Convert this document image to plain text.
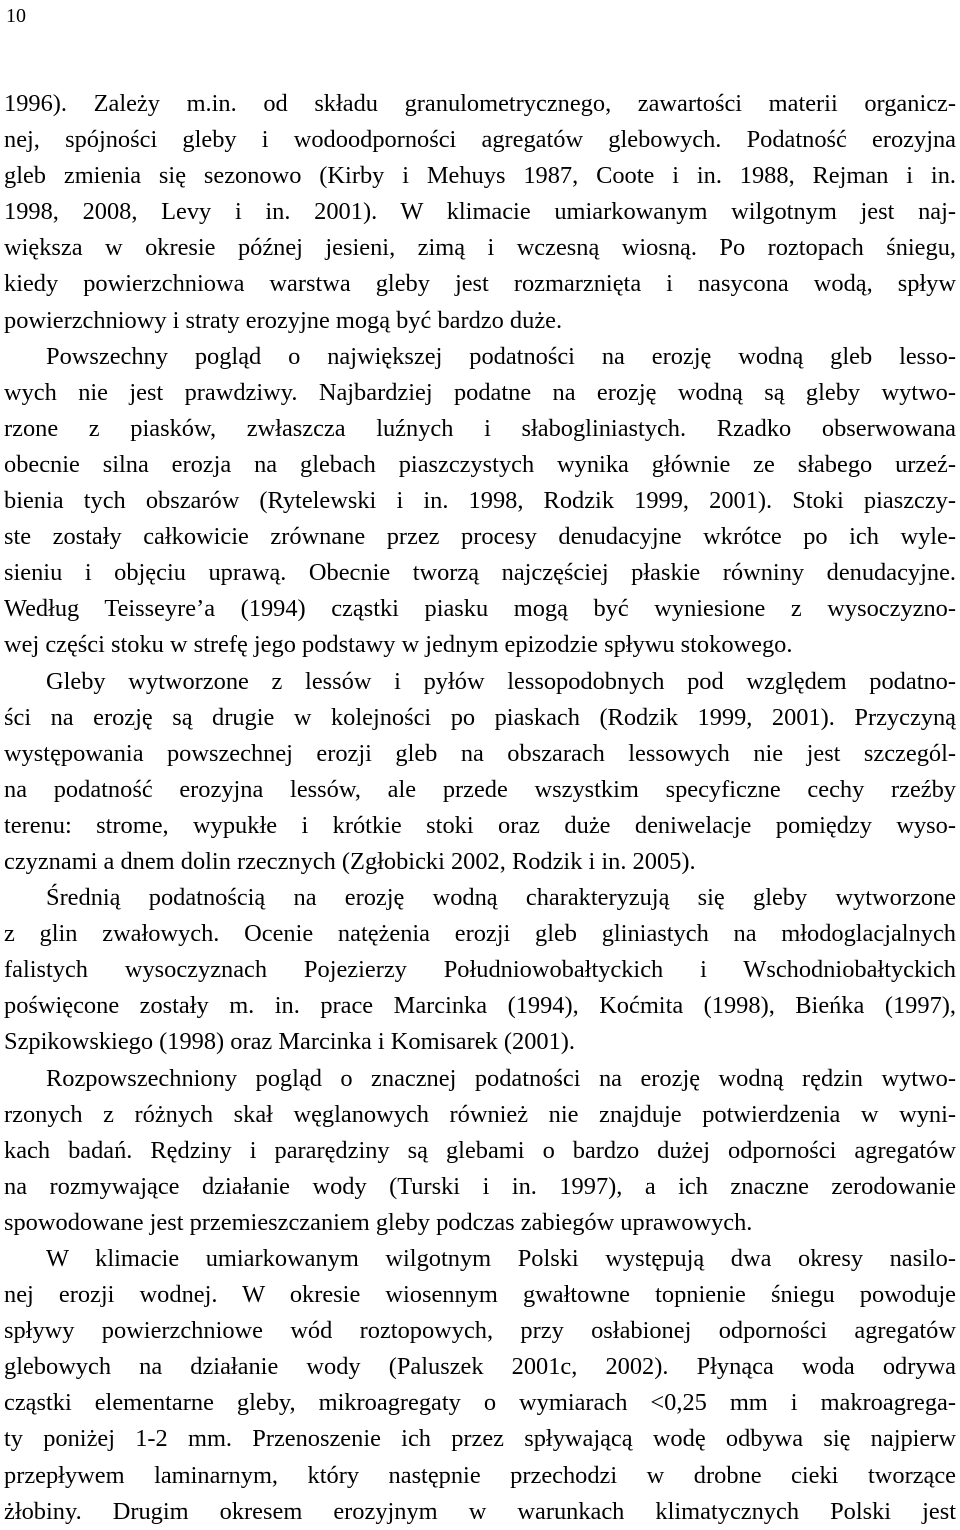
10
1996). Zależy m.in. od składu granulometrycznego, zawartości materii organicz-
nej, spójności gleby i wodoodporności agregatów glebowych. Podatność erozyjna
gleb zmienia się sezonowo (Kirby i Mehuys 1987, Coote i in. 1988, Rejman i in.
1998, 2008, Levy i in. 2001). W klimacie umiarkowanym wilgotnym jest naj-
większa w okresie późnej jesieni, zimą i wczesną wiosną. Po roztopach śniegu,
kiedy powierzchniowa warstwa gleby jest rozmarznięta i nasycona wodą, spływ
powierzchniowy i straty erozyjne mogą być bardzo duże.
Powszechny pogląd o największej podatności na erozję wodną gleb lesso-
wych nie jest prawdziwy. Najbardziej podatne na erozję wodną są gleby wytwo-
rzone z piasków, zwłaszcza luźnych i słabogliniastych. Rzadko obserwowana
obecnie silna erozja na glebach piaszczystych wynika głównie ze słabego urzeź-
bienia tych obszarów (Rytelewski i in. 1998, Rodzik 1999, 2001). Stoki piaszczy-
ste zostały całkowicie zrównane przez procesy denudacyjne wkrótce po ich wyle-
sieniu i objęciu uprawą. Obecnie tworzą najczęściej płaskie równiny denudacyjne.
Według Teisseyre’a (1994) cząstki piasku mogą być wyniesione z wysoczyzno-
wej części stoku w strefę jego podstawy w jednym epizodzie spływu stokowego.
Gleby wytworzone z lessów i pyłów lessopodobnych pod względem podatno-
ści na erozję są drugie w kolejności po piaskach (Rodzik 1999, 2001). Przyczyną
występowania powszechnej erozji gleb na obszarach lessowych nie jest szczegól-
na podatność erozyjna lessów, ale przede wszystkim specyficzne cechy rzeźby
terenu: strome, wypukłe i krótkie stoki oraz duże deniwelacje pomiędzy wyso-
czyznami a dnem dolin rzecznych (Zgłobicki 2002, Rodzik i in. 2005).
Średnią podatnością na erozję wodną charakteryzują się gleby wytworzone
z glin zwałowych. Ocenie natężenia erozji gleb gliniastych na młodoglacjalnych
falistych wysoczyznach Pojezierzy Południowobałtyckich i Wschodniobałtyckich
poświęcone zostały m. in. prace Marcinka (1994), Koćmita (1998), Bieńka (1997),
Szpikowskiego (1998) oraz Marcinka i Komisarek (2001).
Rozpowszechniony pogląd o znacznej podatności na erozję wodną rędzin wytwo-
rzonych z różnych skał węglanowych również nie znajduje potwierdzenia w wyni-
kach badań. Rędziny i pararędziny są glebami o bardzo dużej odporności agregatów
na rozmywające działanie wody (Turski i in. 1997), a ich znaczne zerodowanie
spowodowane jest przemieszczaniem gleby podczas zabiegów uprawowych.
W klimacie umiarkowanym wilgotnym Polski występują dwa okresy nasilo-
nej erozji wodnej. W okresie wiosennym gwałtowne topnienie śniegu powoduje
spływy powierzchniowe wód roztopowych, przy osłabionej odporności agregatów
glebowych na działanie wody (Paluszek 2001c, 2002). Płynąca woda odrywa
cząstki elementarne gleby, mikroagregaty o wymiarach <0,25 mm i makroagrega-
ty poniżej 1-2 mm. Przenoszenie ich przez spływającą wodę odbywa się najpierw
przepływem laminarnym, który następnie przechodzi w drobne cieki tworzące
żłobiny. Drugim okresem erozyjnym w warunkach klimatycznych Polski jest
